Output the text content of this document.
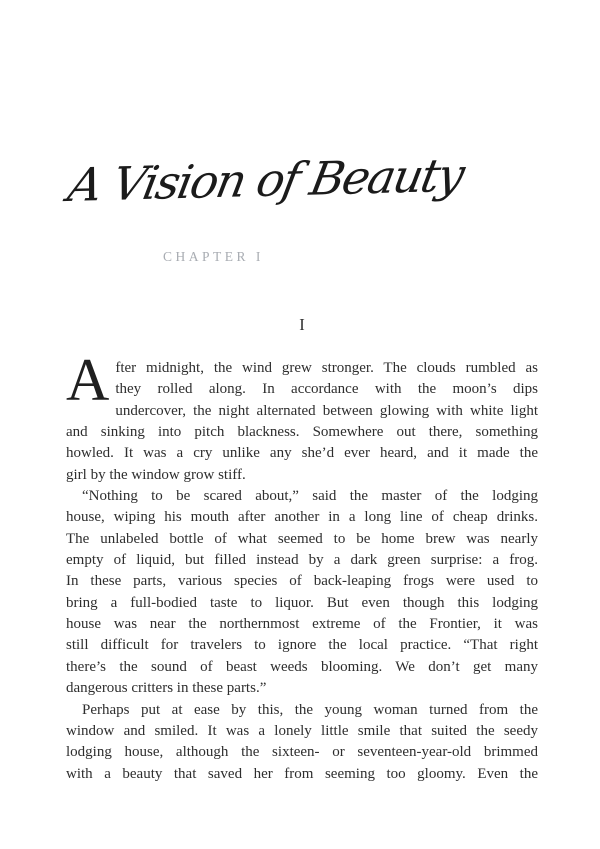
A Vision of Beauty
CHAPTER I
I
A fter midnight, the wind grew stronger. The clouds rumbled as
they rolled along. In accordance with the moon’s dips
undercover, the night alternated between glowing with white light
and sinking into pitch blackness. Somewhere out there, something
howled. It was a cry unlike any she’d ever heard, and it made the
girl by the window grow stiff.
“Nothing to be scared about,” said the master of the lodging
house, wiping his mouth after another in a long line of cheap drinks.
The unlabeled bottle of what seemed to be home brew was nearly
empty of liquid, but filled instead by a dark green surprise: a frog.
In these parts, various species of back-leaping frogs were used to
bring a full-bodied taste to liquor. But even though this lodging
house was near the northernmost extreme of the Frontier, it was
still difficult for travelers to ignore the local practice. “That right
there’s the sound of beast weeds blooming. We don’t get many
dangerous critters in these parts.”
Perhaps put at ease by this, the young woman turned from the
window and smiled. It was a lonely little smile that suited the seedy
lodging house, although the sixteen- or seventeen-year-old brimmed
with a beauty that saved her from seeming too gloomy. Even the
